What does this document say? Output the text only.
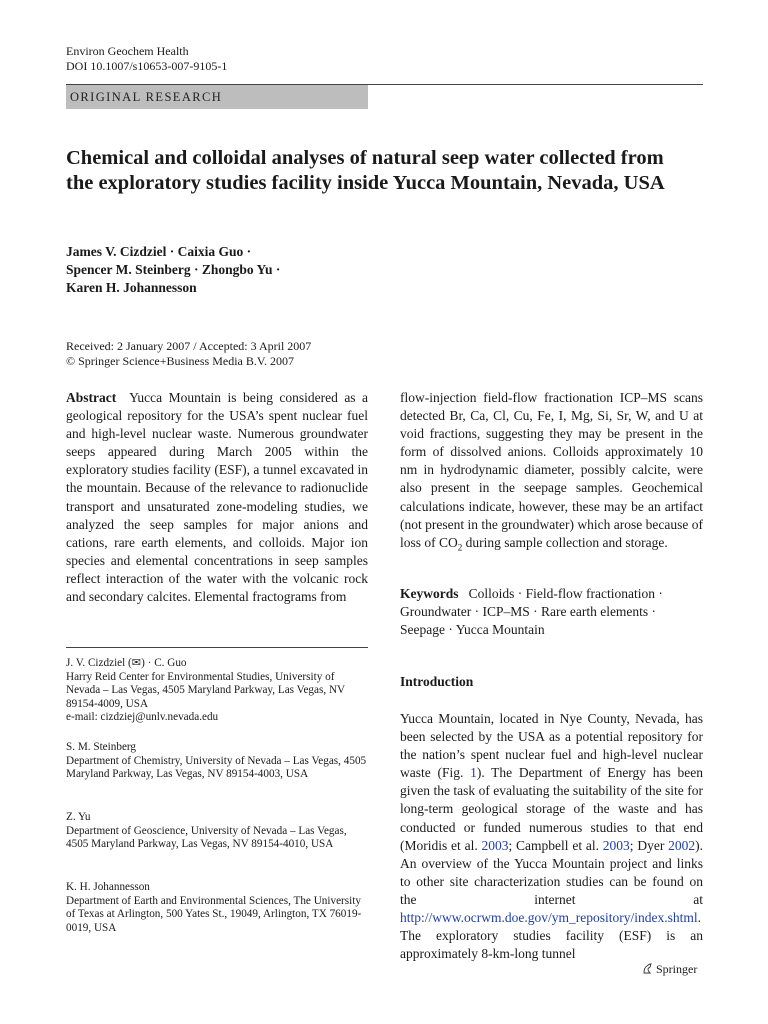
Environ Geochem Health
DOI 10.1007/s10653-007-9105-1
ORIGINAL RESEARCH
Chemical and colloidal analyses of natural seep water collected from the exploratory studies facility inside Yucca Mountain, Nevada, USA
James V. Cizdziel · Caixia Guo ·
Spencer M. Steinberg · Zhongbo Yu ·
Karen H. Johannesson
Received: 2 January 2007 / Accepted: 3 April 2007
© Springer Science+Business Media B.V. 2007
Abstract Yucca Mountain is being considered as a geological repository for the USA’s spent nuclear fuel and high-level nuclear waste. Numerous groundwater seeps appeared during March 2005 within the exploratory studies facility (ESF), a tunnel excavated in the mountain. Because of the relevance to radionuclide transport and unsaturated zone-modeling studies, we analyzed the seep samples for major anions and cations, rare earth elements, and colloids. Major ion species and elemental concentrations in seep samples reflect interaction of the water with the volcanic rock and secondary calcites. Elemental fractograms from
flow-injection field-flow fractionation ICP–MS scans detected Br, Ca, Cl, Cu, Fe, I, Mg, Si, Sr, W, and U at void fractions, suggesting they may be present in the form of dissolved anions. Colloids approximately 10 nm in hydrodynamic diameter, possibly calcite, were also present in the seepage samples. Geochemical calculations indicate, however, these may be an artifact (not present in the groundwater) which arose because of loss of $CO_2$ during sample collection and storage.
Keywords Colloids · Field-flow fractionation · Groundwater · ICP–MS · Rare earth elements · Seepage · Yucca Mountain
J. V. Cizdziel (✉) · C. Guo
Harry Reid Center for Environmental Studies, University of Nevada – Las Vegas, 4505 Maryland Parkway, Las Vegas, NV 89154-4009, USA
e-mail: cizdziej@unlv.nevada.edu
S. M. Steinberg
Department of Chemistry, University of Nevada – Las Vegas, 4505 Maryland Parkway, Las Vegas, NV 89154-4003, USA
Z. Yu
Department of Geoscience, University of Nevada – Las Vegas, 4505 Maryland Parkway, Las Vegas, NV 89154-4010, USA
K. H. Johannesson
Department of Earth and Environmental Sciences, The University of Texas at Arlington, 500 Yates St., 19049, Arlington, TX 76019-0019, USA
Introduction
Yucca Mountain, located in Nye County, Nevada, has been selected by the USA as a potential repository for the nation’s spent nuclear fuel and high-level nuclear waste (Fig. 1). The Department of Energy has been given the task of evaluating the suitability of the site for long-term geological storage of the waste and has conducted or funded numerous studies to that end (Moridis et al. 2003; Campbell et al. 2003; Dyer 2002). An overview of the Yucca Mountain project and links to other site characterization studies can be found on the internet at http://www.ocrwm.doe.gov/ym_repository/index.shtml. The exploratory studies facility (ESF) is an approximately 8-km-long tunnel
Springer
